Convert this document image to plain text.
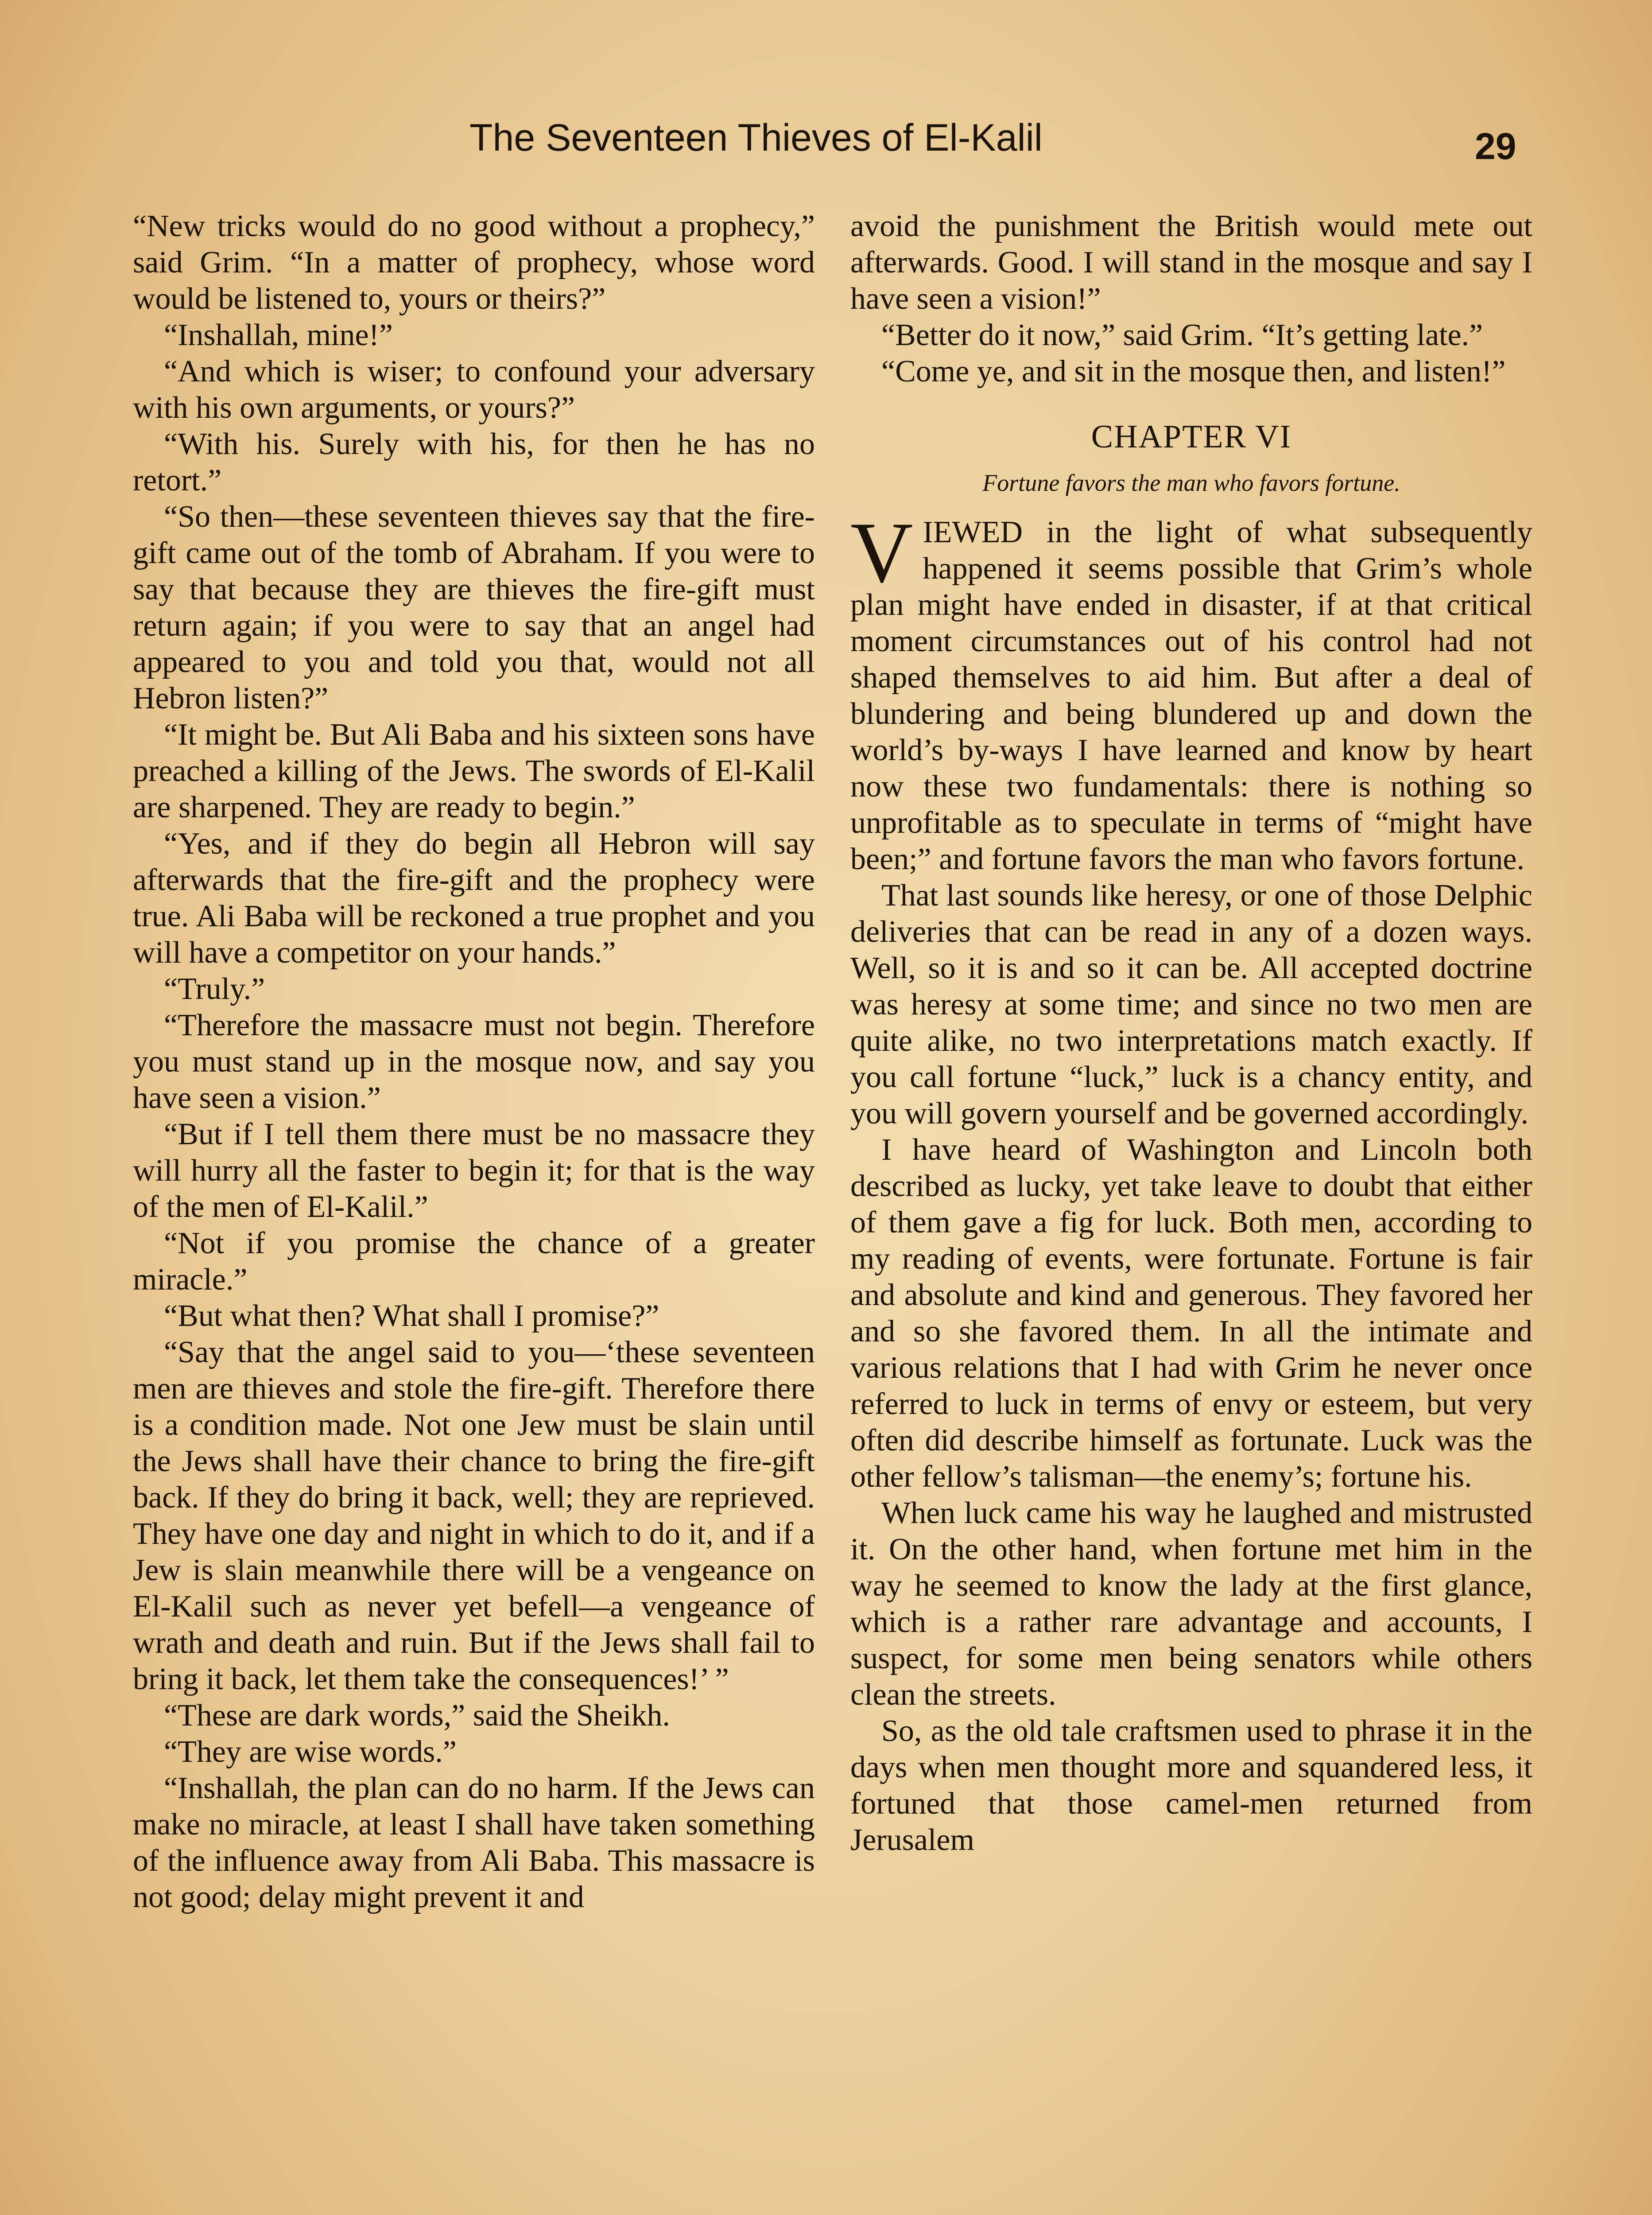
The Seventeen Thieves of El-Kalil	29

“New tricks would do no good without a prophecy,” said Grim. “In a matter of prophecy, whose word would be listened to, yours or theirs?”

“Inshallah, mine!”

“And which is wiser; to confound your adversary with his own arguments, or yours?”

“With his. Surely with his, for then he has no retort.”

“So then—these seventeen thieves say that the fire-gift came out of the tomb of Abraham. If you were to say that because they are thieves the fire-gift must return again; if you were to say that an angel had appeared to you and told you that, would not all Hebron listen?”

“It might be. But Ali Baba and his sixteen sons have preached a killing of the Jews. The swords of El-Kalil are sharpened. They are ready to begin.”

“Yes, and if they do begin all Hebron will say afterwards that the fire-gift and the prophecy were true. Ali Baba will be reckoned a true prophet and you will have a competitor on your hands.”

“Truly.”

“Therefore the massacre must not begin. Therefore you must stand up in the mosque now, and say you have seen a vision.”

“But if I tell them there must be no massacre they will hurry all the faster to begin it; for that is the way of the men of El-Kalil.”

“Not if you promise the chance of a greater miracle.”

“But what then? What shall I promise?”

“Say that the angel said to you—‘these seventeen men are thieves and stole the fire-gift. Therefore there is a condition made. Not one Jew must be slain until the Jews shall have their chance to bring the fire-gift back. If they do bring it back, well; they are reprieved. They have one day and night in which to do it, and if a Jew is slain meanwhile there will be a vengeance on El-Kalil such as never yet befell—a vengeance of wrath and death and ruin. But if the Jews shall fail to bring it back, let them take the consequences!’ ”

“These are dark words,” said the Sheikh.

“They are wise words.”

“Inshallah, the plan can do no harm. If the Jews can make no miracle, at least I shall have taken something of the influence away from Ali Baba. This massacre is not good; delay might prevent it and

avoid the punishment the British would mete out afterwards. Good. I will stand in the mosque and say I have seen a vision!”

“Better do it now,” said Grim. “It’s getting late.”

“Come ye, and sit in the mosque then, and listen!”

CHAPTER VI
Fortune favors the man who favors fortune.

VIEWED in the light of what subsequently happened it seems possible that Grim’s whole plan might have ended in disaster, if at that critical moment circumstances out of his control had not shaped themselves to aid him. But after a deal of blundering and being blundered up and down the world’s by-ways I have learned and know by heart now these two fundamentals: there is nothing so unprofitable as to speculate in terms of “might have been;” and fortune favors the man who favors fortune.

That last sounds like heresy, or one of those Delphic deliveries that can be read in any of a dozen ways. Well, so it is and so it can be. All accepted doctrine was heresy at some time; and since no two men are quite alike, no two interpretations match exactly. If you call fortune “luck,” luck is a chancy entity, and you will govern yourself and be governed accordingly.

I have heard of Washington and Lincoln both described as lucky, yet take leave to doubt that either of them gave a fig for luck. Both men, according to my reading of events, were fortunate. Fortune is fair and absolute and kind and generous. They favored her and so she favored them. In all the intimate and various relations that I had with Grim he never once referred to luck in terms of envy or esteem, but very often did describe himself as fortunate. Luck was the other fellow’s talisman—the enemy’s; fortune his.

When luck came his way he laughed and mistrusted it. On the other hand, when fortune met him in the way he seemed to know the lady at the first glance, which is a rather rare advantage and accounts, I suspect, for some men being senators while others clean the streets.

So, as the old tale craftsmen used to phrase it in the days when men thought more and squandered less, it fortuned that those camel-men returned from Jerusalem
